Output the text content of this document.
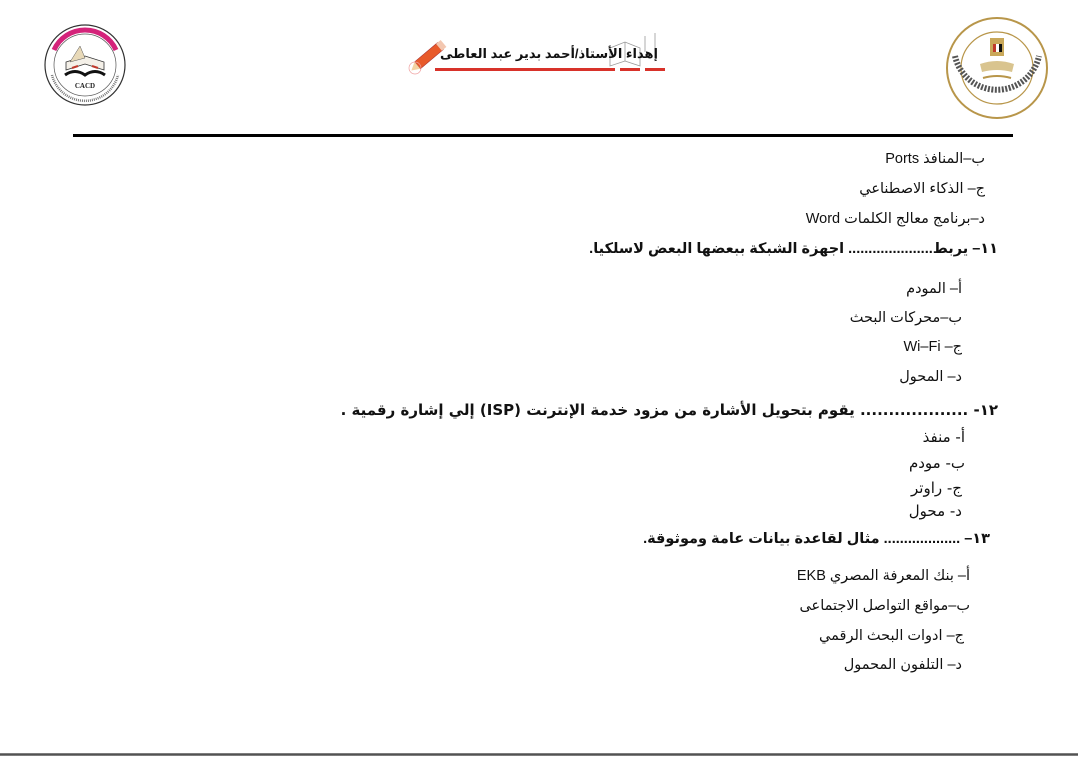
CACD
إهداء الأستاذ/أحمد بدير عبد العاطى
ب–المنافذ Ports
ج– الذكاء الاصطناعي
د–برنامج معالج الكلمات Word
١١– يربط..................... اجهزة الشبكة ببعضها البعض لاسلكيا.
أ– المودم
ب–محركات البحث
ج– Wi–Fi
د– المحول
١٢- ................... يقوم بتحويل الأشارة من مزود خدمة الإنترنت (ISP) إلي إشارة رقمية .
أ- منفذ
ب- مودم
ج- راوتر
د- محول
١٣– ................... مثال لقاعدة بيانات عامة وموثوقة.
أ– بنك المعرفة المصري EKB
ب–مواقع التواصل الاجتماعى
ج– ادوات البحث الرقمي
د– التلفون المحمول
